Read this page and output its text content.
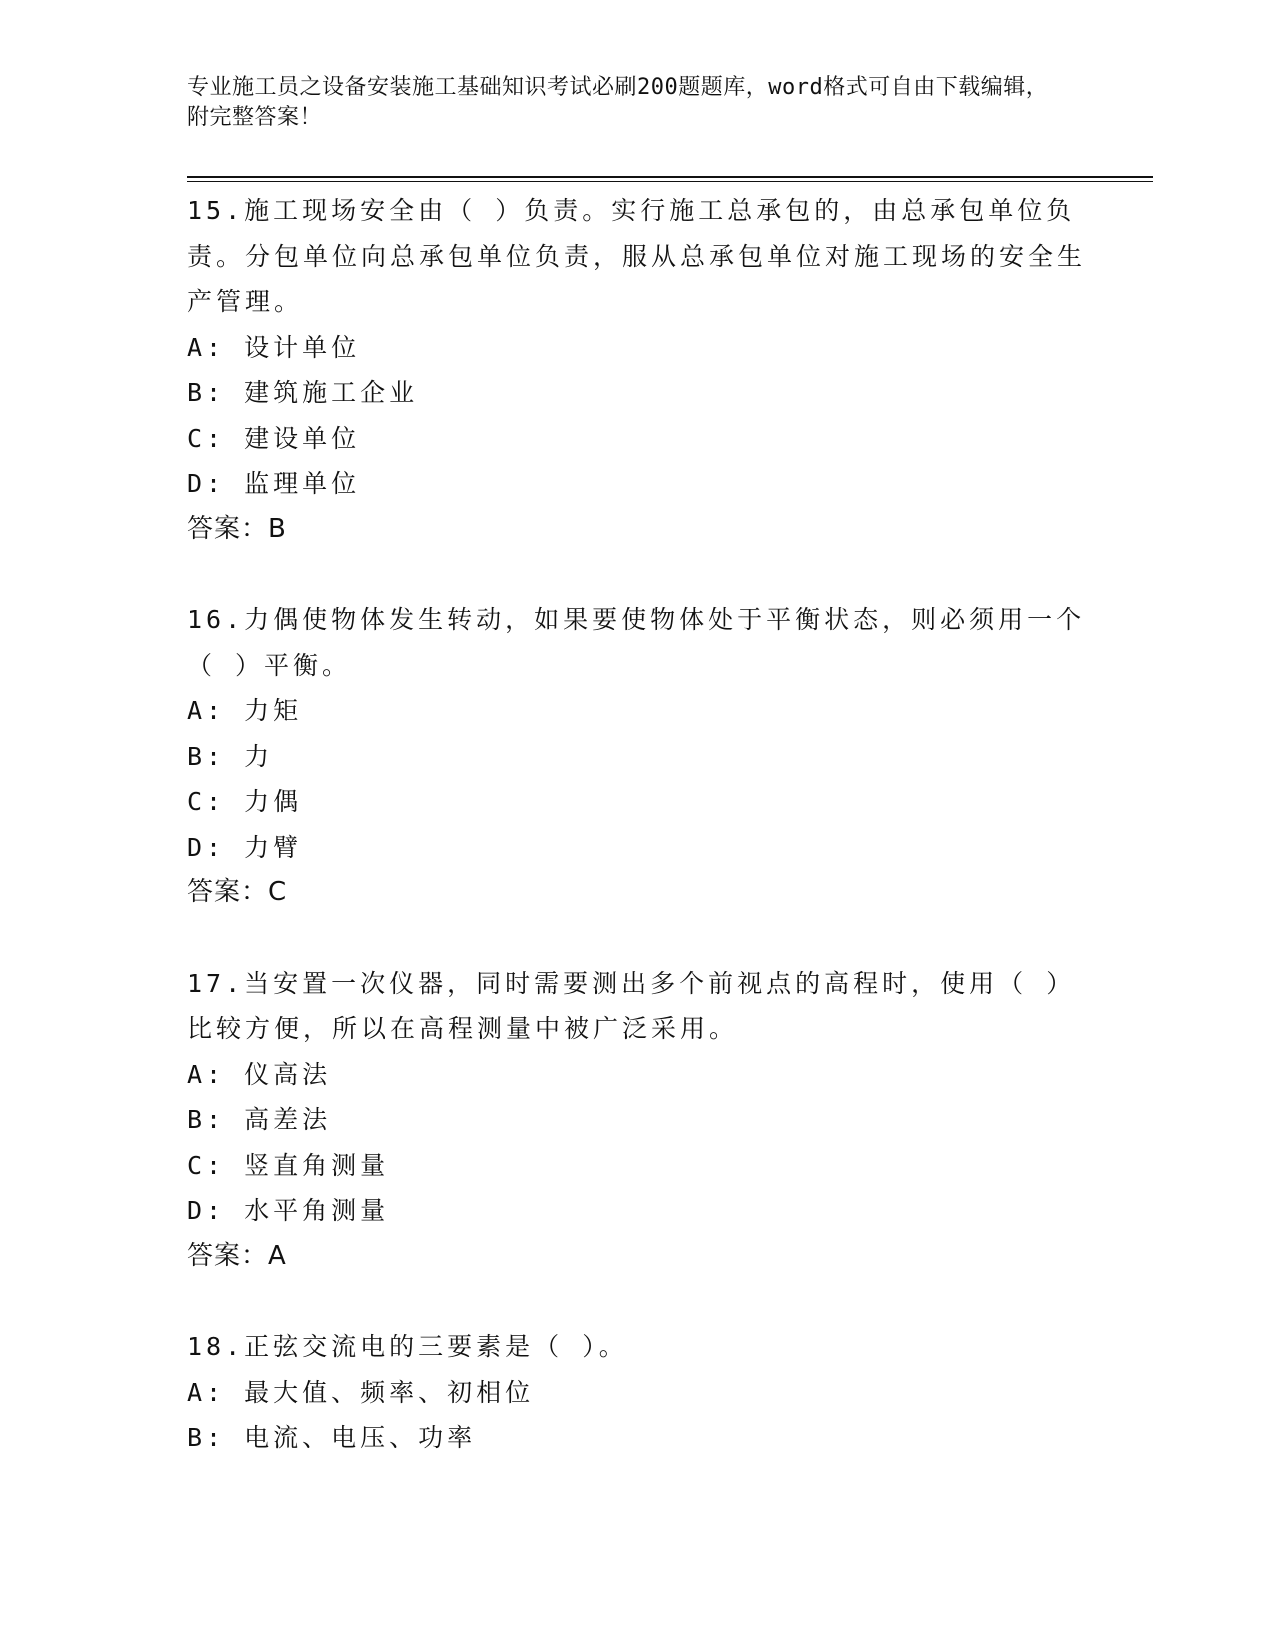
专业施工员之设备安装施工基础知识考试必刷200题题库，word格式可自由下载编辑，附完整答案！

15.施工现场安全由（ ）负责。实行施工总承包的，由总承包单位负责。分包单位向总承包单位负责，服从总承包单位对施工现场的安全生产管理。

A: 设计单位
B: 建筑施工企业
C: 建设单位
D: 监理单位
答案：B

16.力偶使物体发生转动，如果要使物体处于平衡状态，则必须用一个（ ）平衡。

A: 力矩
B: 力
C: 力偶
D: 力臂
答案：C

17.当安置一次仪器，同时需要测出多个前视点的高程时，使用（ ）比较方便，所以在高程测量中被广泛采用。

A: 仪高法
B: 高差法
C: 竖直角测量
D: 水平角测量
答案：A

18.正弦交流电的三要素是（ ）。

A: 最大值、频率、初相位
B: 电流、电压、功率
